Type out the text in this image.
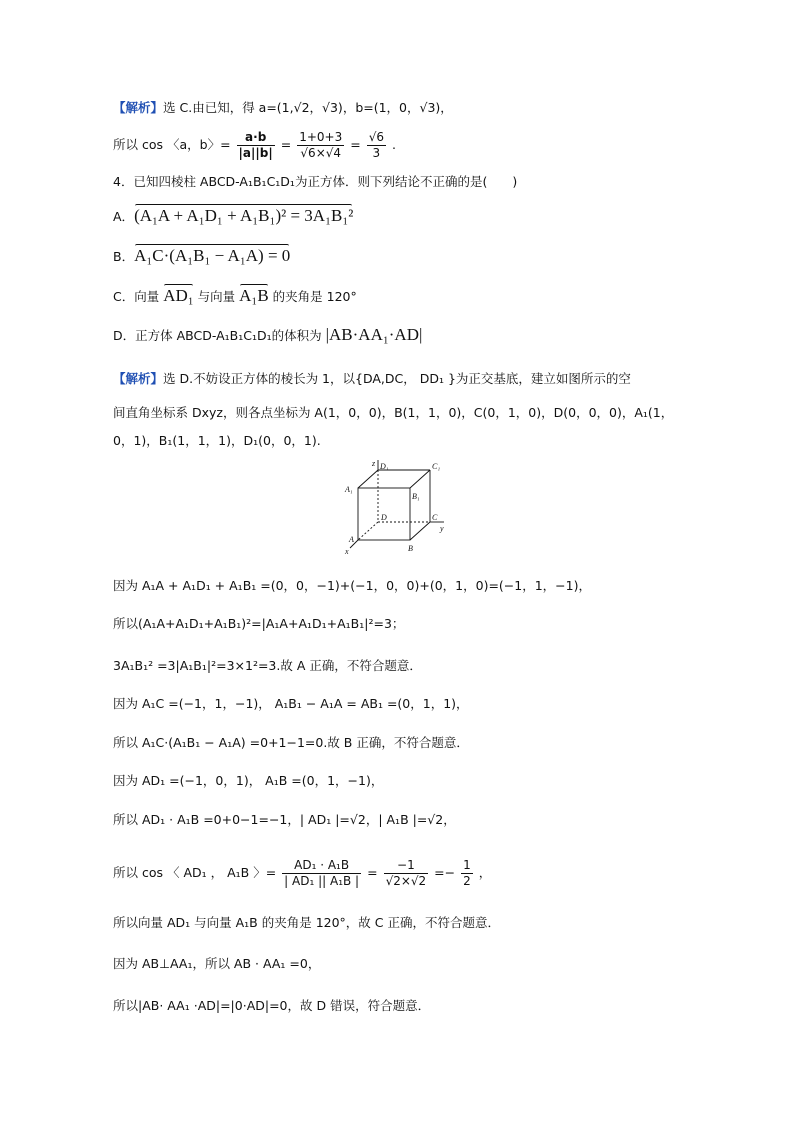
【解析】选 C.由已知，得 a=(1,√2，√3)，b=(1，0，√3)，
所以 cos 〈a，b〉= $\frac{a\cdot b}{|a||b|} = \frac{1+0+3}{√6\times√4} = \frac{√6}{3}$ .
4．已知四棱柱 ABCD-A₁B₁C₁D₁为正方体．则下列结论不正确的是(　　)
A．(A₁A + A₁D₁ + A₁B₁)² = 3A₁B₁²
B．A₁C·(A₁B₁ − A₁A) = 0
C．向量 AD₁ 与向量 A₁B 的夹角是 120°
D．正方体 ABCD-A₁B₁C₁D₁的体积为 |AB·AA₁·AD|
【解析】选 D.不妨设正方体的棱长为 1，以{DA,DC， DD₁ }为正交基底，建立如图所示的空
间直角坐标系 Dxyz，则各点坐标为 A(1，0，0)，B(1，1，0)，C(0，1，0)，D(0，0，0)，A₁(1，
0，1)，B₁(1，1，1)，D₁(0，0，1).
z D₁	C₁
A₁
B₁
D	C
y
A
x	B
因为 A₁A + A₁D₁ + A₁B₁ =(0，0，−1)+(−1，0，0)+(0，1，0)=(−1，1，−1)，
所以(A₁A+A₁D₁+A₁B₁)²=|A₁A+A₁D₁+A₁B₁|²=3；
3A₁B₁² =3|A₁B₁|²=3×1²=3.故 A 正确，不符合题意．
因为 A₁C =(−1，1，−1)， A₁B₁ − A₁A = AB₁ =(0，1，1)，
所以 A₁C·(A₁B₁ − A₁A) =0+1−1=0.故 B 正确，不符合题意．
因为 AD₁ =(−1，0，1)， A₁B =(0，1，−1)，
所以 AD₁ · A₁B =0+0−1=−1，| AD₁ |=√2，| A₁B |=√2，
所以 cos 〈 AD₁ ， A₁B 〉= $\frac{\text{AD₁ · A₁B}}{\text{| AD₁ || A₁B |}} = \frac{-1}{√2\times√2} =- \frac{1}{2}$ ，
所以向量 AD₁ 与向量 A₁B 的夹角是 120°，故 C 正确，不符合题意．
因为 AB⊥AA₁，所以 AB · AA₁ =0，
所以|AB· AA₁ ·AD|=|0·AD|=0，故 D 错误，符合题意．
